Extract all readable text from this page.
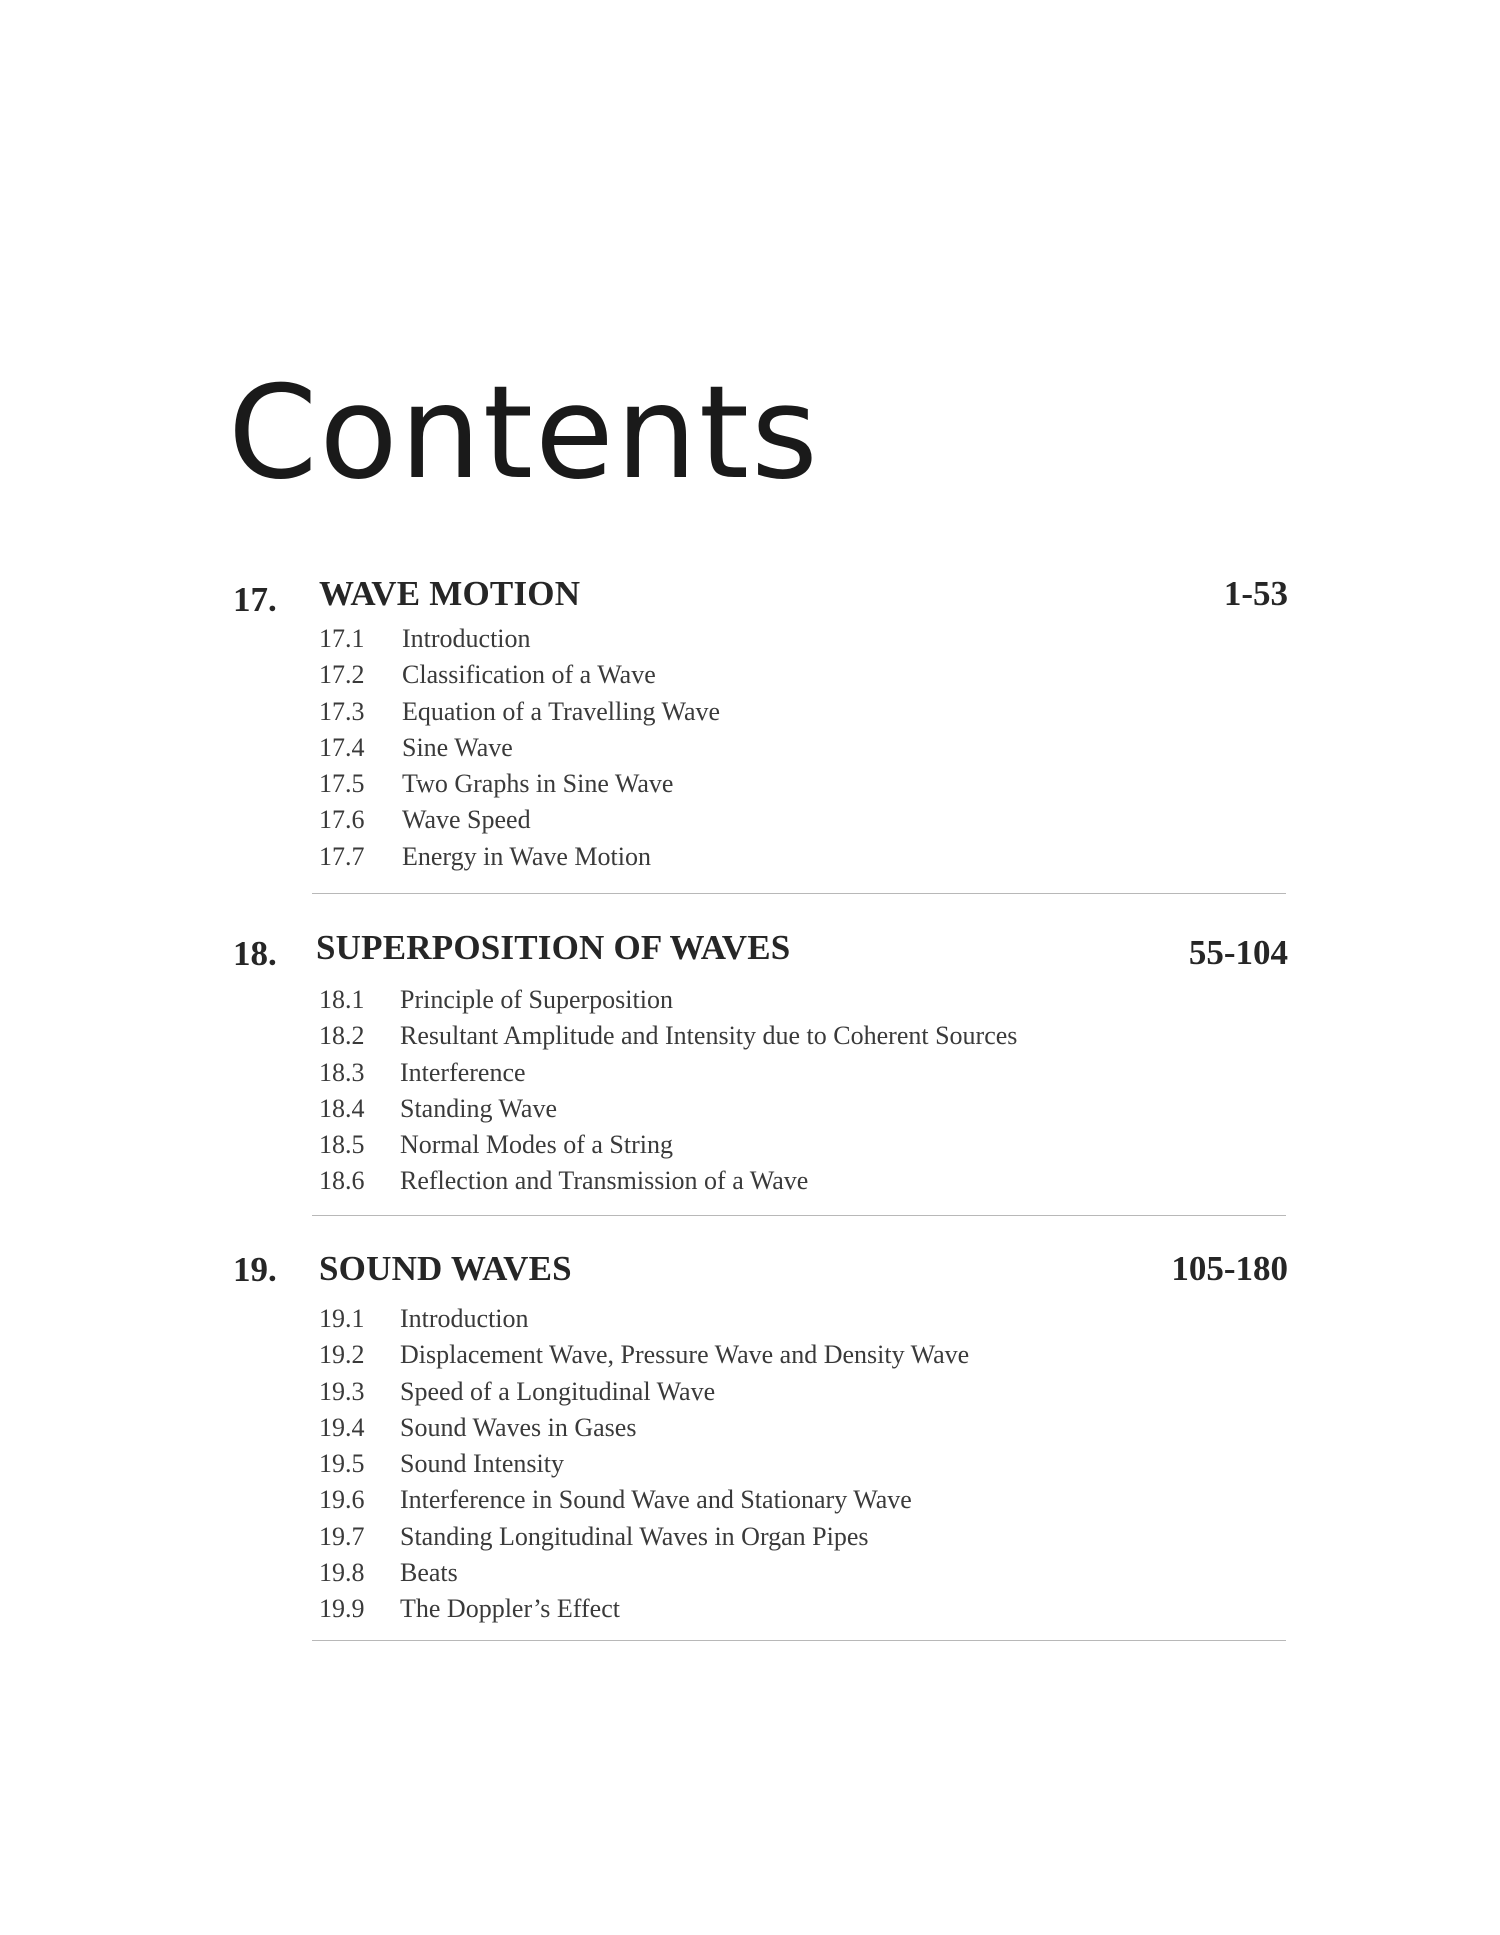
Contents
17. WAVE MOTION	1-53
17.1 Introduction
17.2 Classification of a Wave
17.3 Equation of a Travelling Wave
17.4 Sine Wave
17.5 Two Graphs in Sine Wave
17.6 Wave Speed
17.7 Energy in Wave Motion
18. SUPERPOSITION OF WAVES	55-104
18.1 Principle of Superposition
18.2 Resultant Amplitude and Intensity due to Coherent Sources
18.3 Interference
18.4 Standing Wave
18.5 Normal Modes of a String
18.6 Reflection and Transmission of a Wave
19. SOUND WAVES	105-180
19.1 Introduction
19.2 Displacement Wave, Pressure Wave and Density Wave
19.3 Speed of a Longitudinal Wave
19.4 Sound Waves in Gases
19.5 Sound Intensity
19.6 Interference in Sound Wave and Stationary Wave
19.7 Standing Longitudinal Waves in Organ Pipes
19.8 Beats
19.9 The Doppler’s Effect
